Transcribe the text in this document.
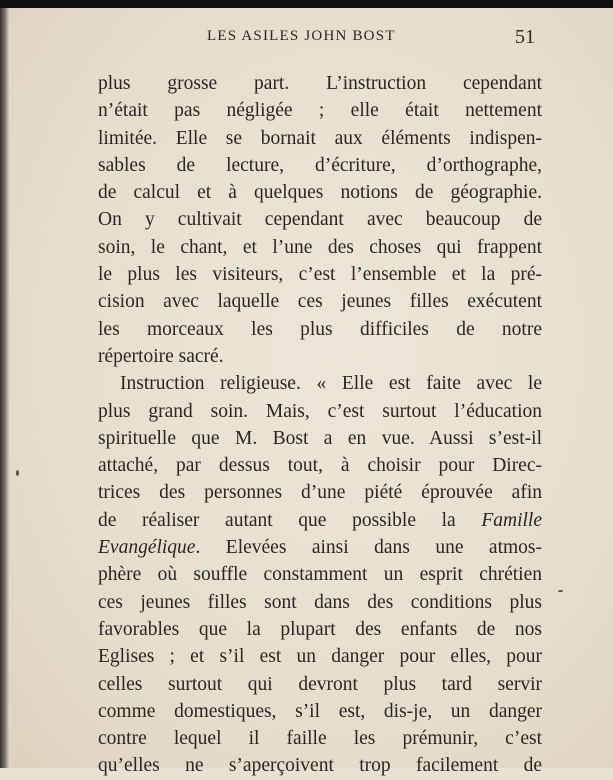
LES ASILES JOHN BOST	51
plus grosse part. L’instruction cependant
n’était pas négligée ; elle était nettement
limitée. Elle se bornait aux éléments indispen-
sables de lecture, d’écriture, d’orthographe,
de calcul et à quelques notions de géographie.
On y cultivait cependant avec beaucoup de
soin, le chant, et l’une des choses qui frappent
le plus les visiteurs, c’est l’ensemble et la pré-
cision avec laquelle ces jeunes filles exécutent
les morceaux les plus difficiles de notre
répertoire sacré.
Instruction religieuse. « Elle est faite avec le
plus grand soin. Mais, c’est surtout l’éducation
spirituelle que M. Bost a en vue. Aussi s’est-il
attaché, par dessus tout, à choisir pour Direc-
trices des personnes d’une piété éprouvée afin
de réaliser autant que possible la Famille
Evangélique. Elevées ainsi dans une atmos-
phère où souffle constamment un esprit chrétien
ces jeunes filles sont dans des conditions plus
favorables que la plupart des enfants de nos
Eglises ; et s’il est un danger pour elles, pour
celles surtout qui devront plus tard servir
comme domestiques, s’il est, dis-je, un danger
contre lequel il faille les prémunir, c’est
qu’elles ne s’aperçoivent trop facilement de
